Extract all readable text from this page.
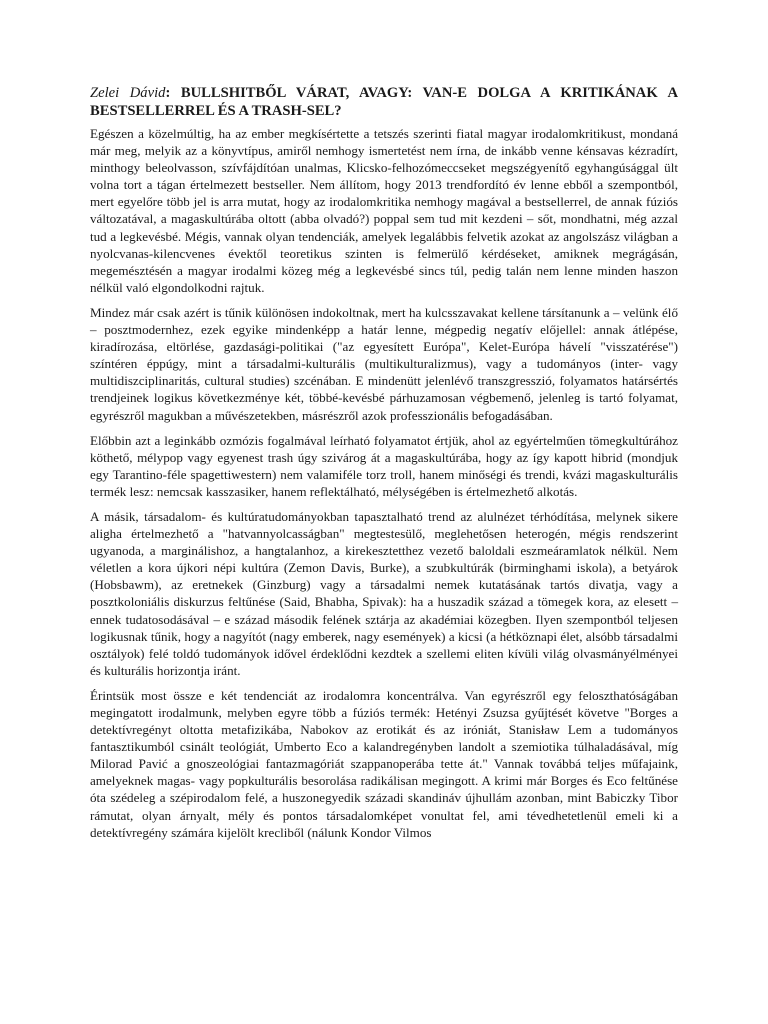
Zelei Dávid: BULLSHITBŐL VÁRAT, AVAGY: VAN-E DOLGA A KRITIKÁNAK A BESTSELLERREL ÉS A TRASH-SEL?

Egészen a közelmúltig, ha az ember megkísértette a tetszés szerinti fiatal magyar irodalomkritikust, mondaná már meg, melyik az a könyvtípus, amiről nemhogy ismertetést nem írna, de inkább venne kénsavas kézradírt, minthogy beleolvasson, szívfájdítóan unalmas, Klicsko-felhozómeccseket megszégyenítő egyhangúsággal ült volna tort a tágan értelmezett bestseller. Nem állítom, hogy 2013 trendfordító év lenne ebből a szempontból, mert egyelőre több jel is arra mutat, hogy az irodalomkritika nemhogy magával a bestsellerrel, de annak fúziós változatával, a magaskultúrába oltott (abba olvadó?) poppal sem tud mit kezdeni – sőt, mondhatni, még azzal tud a legkevésbé. Mégis, vannak olyan tendenciák, amelyek legalábbis felvetik azokat az angolszász világban a nyolcvanas-kilencvenes évektől teoretikus szinten is felmerülő kérdéseket, amiknek megrágásán, megemésztésén a magyar irodalmi közeg még a legkevésbé sincs túl, pedig talán nem lenne minden haszon nélkül való elgondolkodni rajtuk.

Mindez már csak azért is tűnik különösen indokoltnak, mert ha kulcsszavakat kellene társítanunk a – velünk élő – posztmodernhez, ezek egyike mindenképp a határ lenne, mégpedig negatív előjellel: annak átlépése, kiradírozása, eltörlése, gazdasági-politikai ("az egyesített Európa", Kelet-Európa hávelí "visszatérése") színtéren éppúgy, mint a társadalmi-kulturális (multikulturalizmus), vagy a tudományos (inter- vagy multidiszciplinaritás, cultural studies) szcénában. E mindenütt jelenlévő transzgresszió, folyamatos határsértés trendjeinek logikus következménye két, többé-kevésbé párhuzamosan végbemenő, jelenleg is tartó folyamat, egyrészről magukban a művészetekben, másrészről azok professzionális befogadásában.

Előbbin azt a leginkább ozmózis fogalmával leírható folyamatot értjük, ahol az egyértelműen tömegkultúrához köthető, mélypop vagy egyenest trash úgy szivárog át a magaskultúrába, hogy az így kapott hibrid (mondjuk egy Tarantino-féle spagettiwestern) nem valamiféle torz troll, hanem minőségi és trendi, kvázi magaskulturális termék lesz: nemcsak kasszasiker, hanem reflektálható, mélységében is értelmezhető alkotás.

A másik, társadalom- és kultúratudományokban tapasztalható trend az alulnézet térhódítása, melynek sikere aligha értelmezhető a "hatvannyolcasságban" megtestesülő, meglehetősen heterogén, mégis rendszerint ugyanoda, a marginálishoz, a hangtalanhoz, a kirekesztetthez vezető baloldali eszmeáramlatok nélkül. Nem véletlen a kora újkori népi kultúra (Zemon Davis, Burke), a szubkultúrák (birminghami iskola), a betyárok (Hobsbawm), az eretnekek (Ginzburg) vagy a társadalmi nemek kutatásának tartós divatja, vagy a posztkoloniális diskurzus feltűnése (Said, Bhabha, Spivak): ha a huszadik század a tömegek kora, az elesett – ennek tudatosodásával – e század második felének sztárja az akadémiai közegben. Ilyen szempontból teljesen logikusnak tűnik, hogy a nagyítót (nagy emberek, nagy események) a kicsi (a hétköznapi élet, alsóbb társadalmi osztályok) felé toldó tudományok idővel érdeklődni kezdtek a szellemi eliten kívüli világ olvasmányélményei és kulturális horizontja iránt.

Érintsük most össze e két tendenciát az irodalomra koncentrálva. Van egyrészről egy feloszthatóságában megingatott irodalmunk, melyben egyre több a fúziós termék: Hetényi Zsuzsa gyűjtését követve "Borges a detektívregényt oltotta metafizikába, Nabokov az erotikát és az iróniát, Stanisław Lem a tudományos fantasztikumból csinált teológiát, Umberto Eco a kalandregényben landolt a szemiotika túlhaladásával, míg Milorad Pavić a gnoszeológiai fantazmagóriát szappanoperába tette át." Vannak továbbá teljes műfajaink, amelyeknek magas- vagy popkulturális besorolása radikálisan megingott. A krimi már Borges és Eco feltűnése óta szédeleg a szépirodalom felé, a huszonegyedik századi skandináv újhullám azonban, mint Babiczky Tibor rámutat, olyan árnyalt, mély és pontos társadalomképet vonultat fel, ami tévedhetetlenül emeli ki a detektívregény számára kijelölt krecliből (nálunk Kondor Vilmos
